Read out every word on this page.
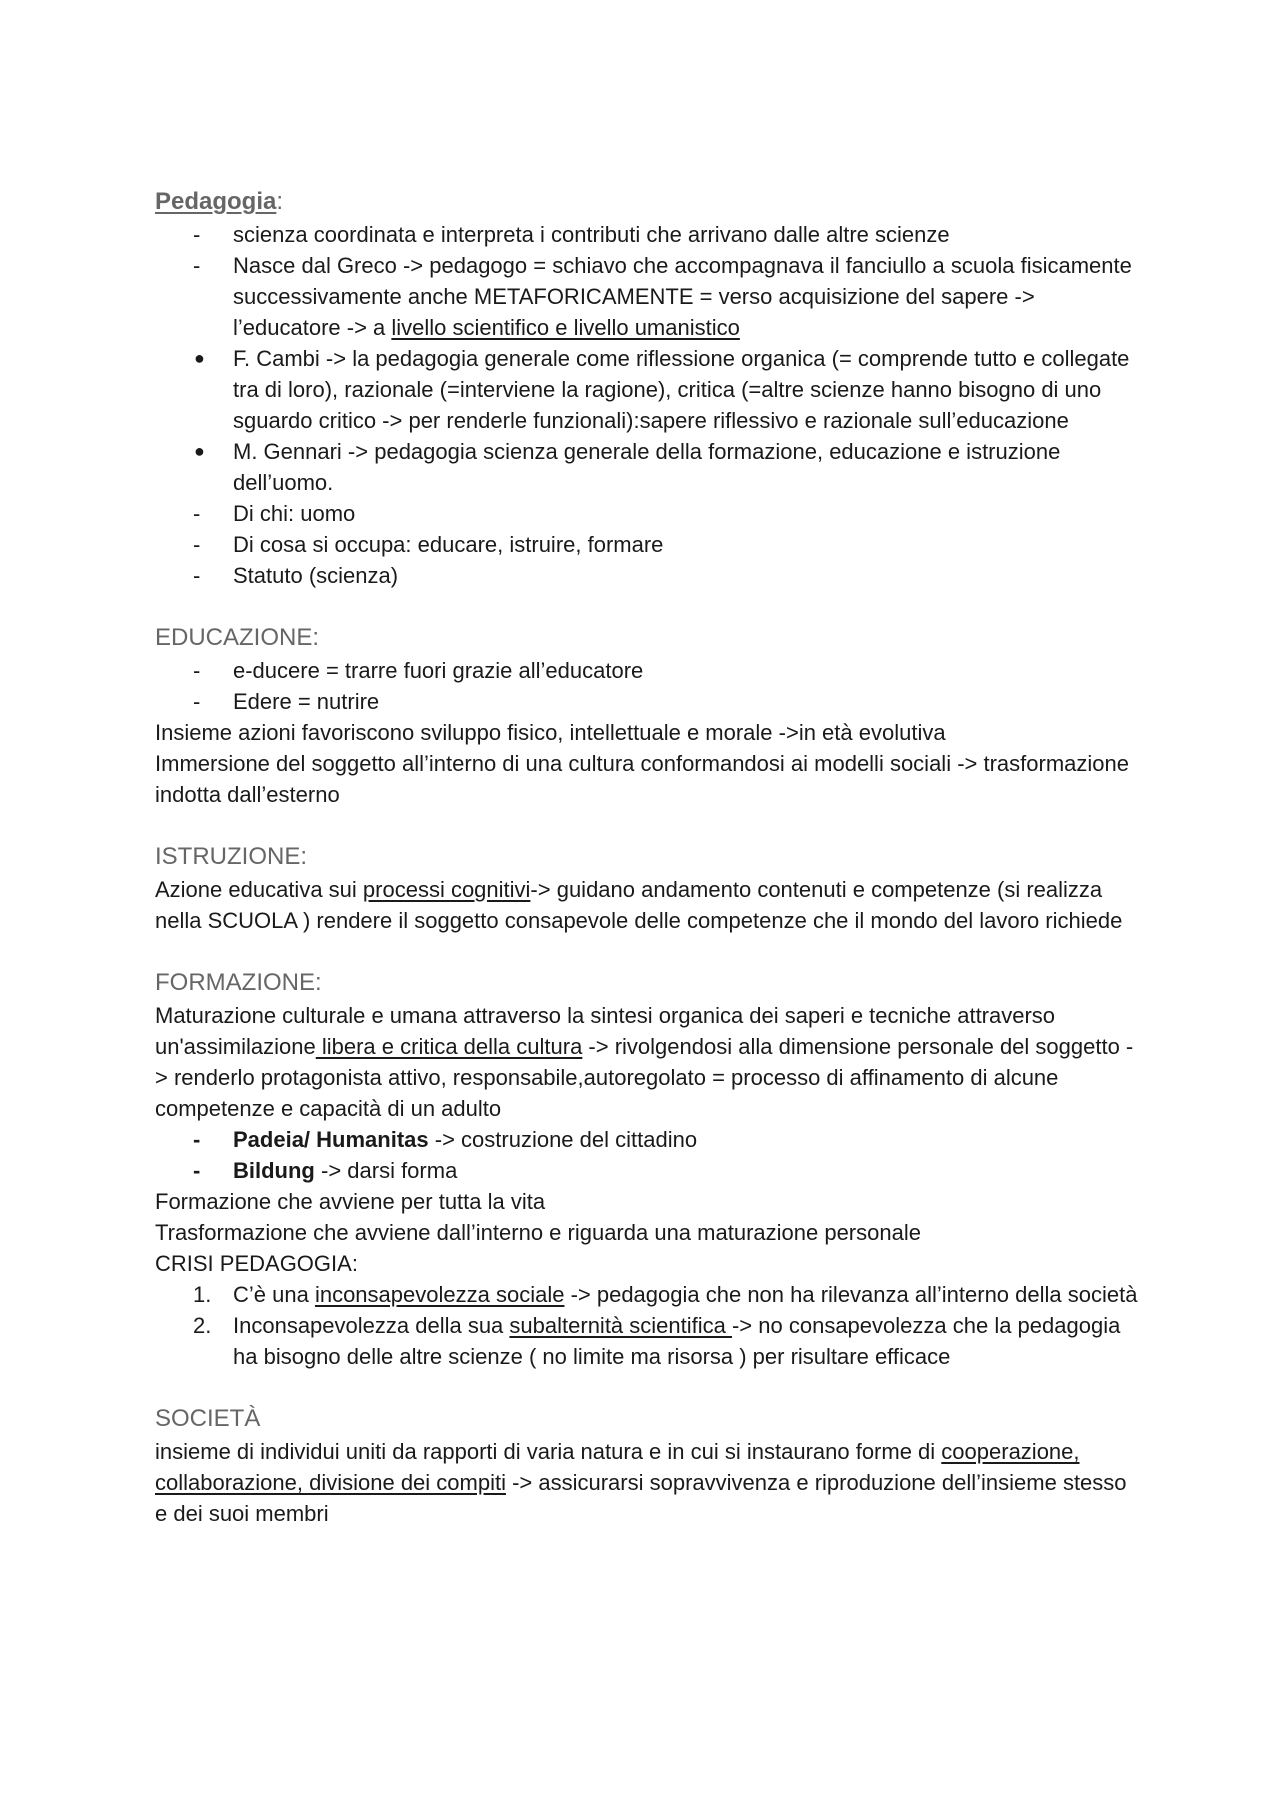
Pedagogia:
-	scienza coordinata e interpreta i contributi che arrivano dalle altre scienze
-	Nasce dal Greco -> pedagogo = schiavo che accompagnava il fanciullo a scuola fisicamente successivamente anche METAFORICAMENTE = verso acquisizione del sapere -> l’educatore -> a livello scientifico e livello umanistico
●	F. Cambi -> la pedagogia generale come riflessione organica (= comprende tutto e collegate tra di loro), razionale (=interviene la ragione), critica (=altre scienze hanno bisogno di uno sguardo critico -> per renderle funzionali):sapere riflessivo e razionale sull’educazione
●	M. Gennari -> pedagogia scienza generale della formazione, educazione e istruzione dell’uomo.
-	Di chi: uomo
-	Di cosa si occupa: educare, istruire, formare
-	Statuto (scienza)
EDUCAZIONE:
-	e-ducere = trarre fuori grazie all’educatore
-	Edere = nutrire

Insieme azioni favoriscono sviluppo fisico, intellettuale e morale ->in età evolutiva

Immersione del soggetto all’interno di una cultura conformandosi ai modelli sociali -> trasformazione indotta dall’esterno

ISTRUZIONE:

Azione educativa sui processi cognitivi-> guidano andamento contenuti e competenze (si realizza nella SCUOLA ) rendere il soggetto consapevole delle competenze che il mondo del lavoro richiede

FORMAZIONE:

Maturazione culturale e umana attraverso la sintesi organica dei saperi e tecniche attraverso un'assimilazione libera e critica della cultura -> rivolgendosi alla dimensione personale del soggetto -> renderlo protagonista attivo, responsabile,autoregolato = processo di affinamento di alcune competenze e capacità di un adulto

-	Padeia/ Humanitas -> costruzione del cittadino
-	Bildung -> darsi forma

Formazione che avviene per tutta la vita

Trasformazione che avviene dall’interno e riguarda una maturazione personale

CRISI PEDAGOGIA:

1. C’è una inconsapevolezza sociale -> pedagogia che non ha rilevanza all’interno della società
2. Inconsapevolezza della sua subalternità scientifica -> no consapevolezza che la pedagogia ha bisogno delle altre scienze ( no limite ma risorsa ) per risultare efficace
SOCIETÀ

insieme di individui uniti da rapporti di varia natura e in cui si instaurano forme di cooperazione, collaborazione, divisione dei compiti -> assicurarsi sopravvivenza e riproduzione dell’insieme stesso e dei suoi membri
